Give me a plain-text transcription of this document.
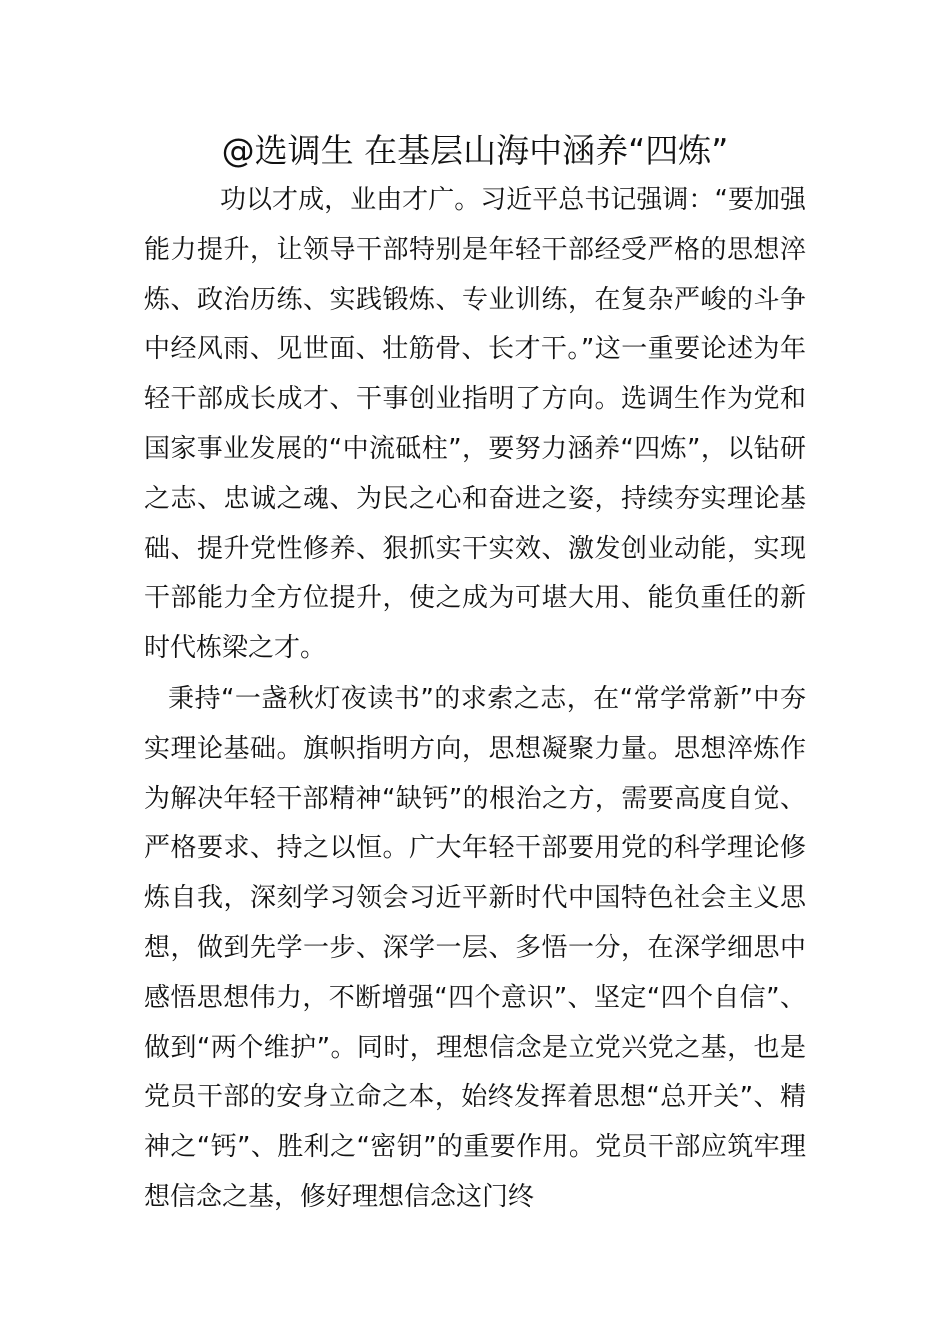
@选调生 在基层山海中涵养“四炼”

功以才成，业由才广。习近平总书记强调：“要加强能力提升，让领导干部特别是年轻干部经受严格的思想淬炼、政治历练、实践锻炼、专业训练，在复杂严峻的斗争中经风雨、见世面、壮筋骨、长才干。”这一重要论述为年轻干部成长成才、干事创业指明了方向。选调生作为党和国家事业发展的“中流砥柱”，要努力涵养“四炼”，以钻研之志、忠诚之魂、为民之心和奋进之姿，持续夯实理论基础、提升党性修养、狠抓实干实效、激发创业动能，实现干部能力全方位提升，使之成为可堪大用、能负重任的新时代栋梁之才。

秉持“一盏秋灯夜读书”的求索之志，在“常学常新”中夯实理论基础。旗帜指明方向，思想凝聚力量。思想淬炼作为解决年轻干部精神“缺钙”的根治之方，需要高度自觉、严格要求、持之以恒。广大年轻干部要用党的科学理论修炼自我，深刻学习领会习近平新时代中国特色社会主义思想，做到先学一步、深学一层、多悟一分，在深学细思中感悟思想伟力，不断增强“四个意识”、坚定“四个自信”、做到“两个维护”。同时，理想信念是立党兴党之基，也是党员干部的安身立命之本，始终发挥着思想“总开关”、精神之“钙”、胜利之“密钥”的重要作用。党员干部应筑牢理想信念之基，修好理想信念这门终
